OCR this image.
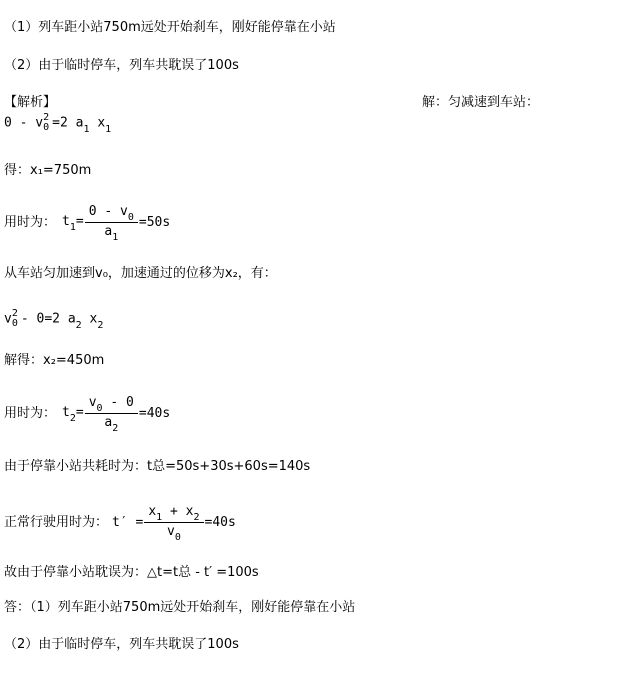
（1）列车距小站750m远处开始刹车，刚好能停靠在小站
（2）由于临时停车，列车共耽误了100s
【解析】	解：匀减速到车站：
0 - v 2
0 =2 $a_1$ $x_1$
得：x₁=750m
用时为： $t_1= \frac{0 - v_0}{a_1} =50s$
从车站匀加速到v₀，加速通过的位移为x₂，有：
v 2
0 - 0=2 $a_2$ $x_2$
解得：x₂=450m
用时为： $t_2= \frac{v_0 - 0}{a_2} =40s$
由于停靠小站共耗时为：t总=50s+30s+60s=140s
正常行驶用时为： $t' = \frac{x_1 + x_2}{v_0} =40s$
故由于停靠小站耽误为：△t=t总 - t′ =100s
答：（1）列车距小站750m远处开始刹车，刚好能停靠在小站
（2）由于临时停车，列车共耽误了100s
